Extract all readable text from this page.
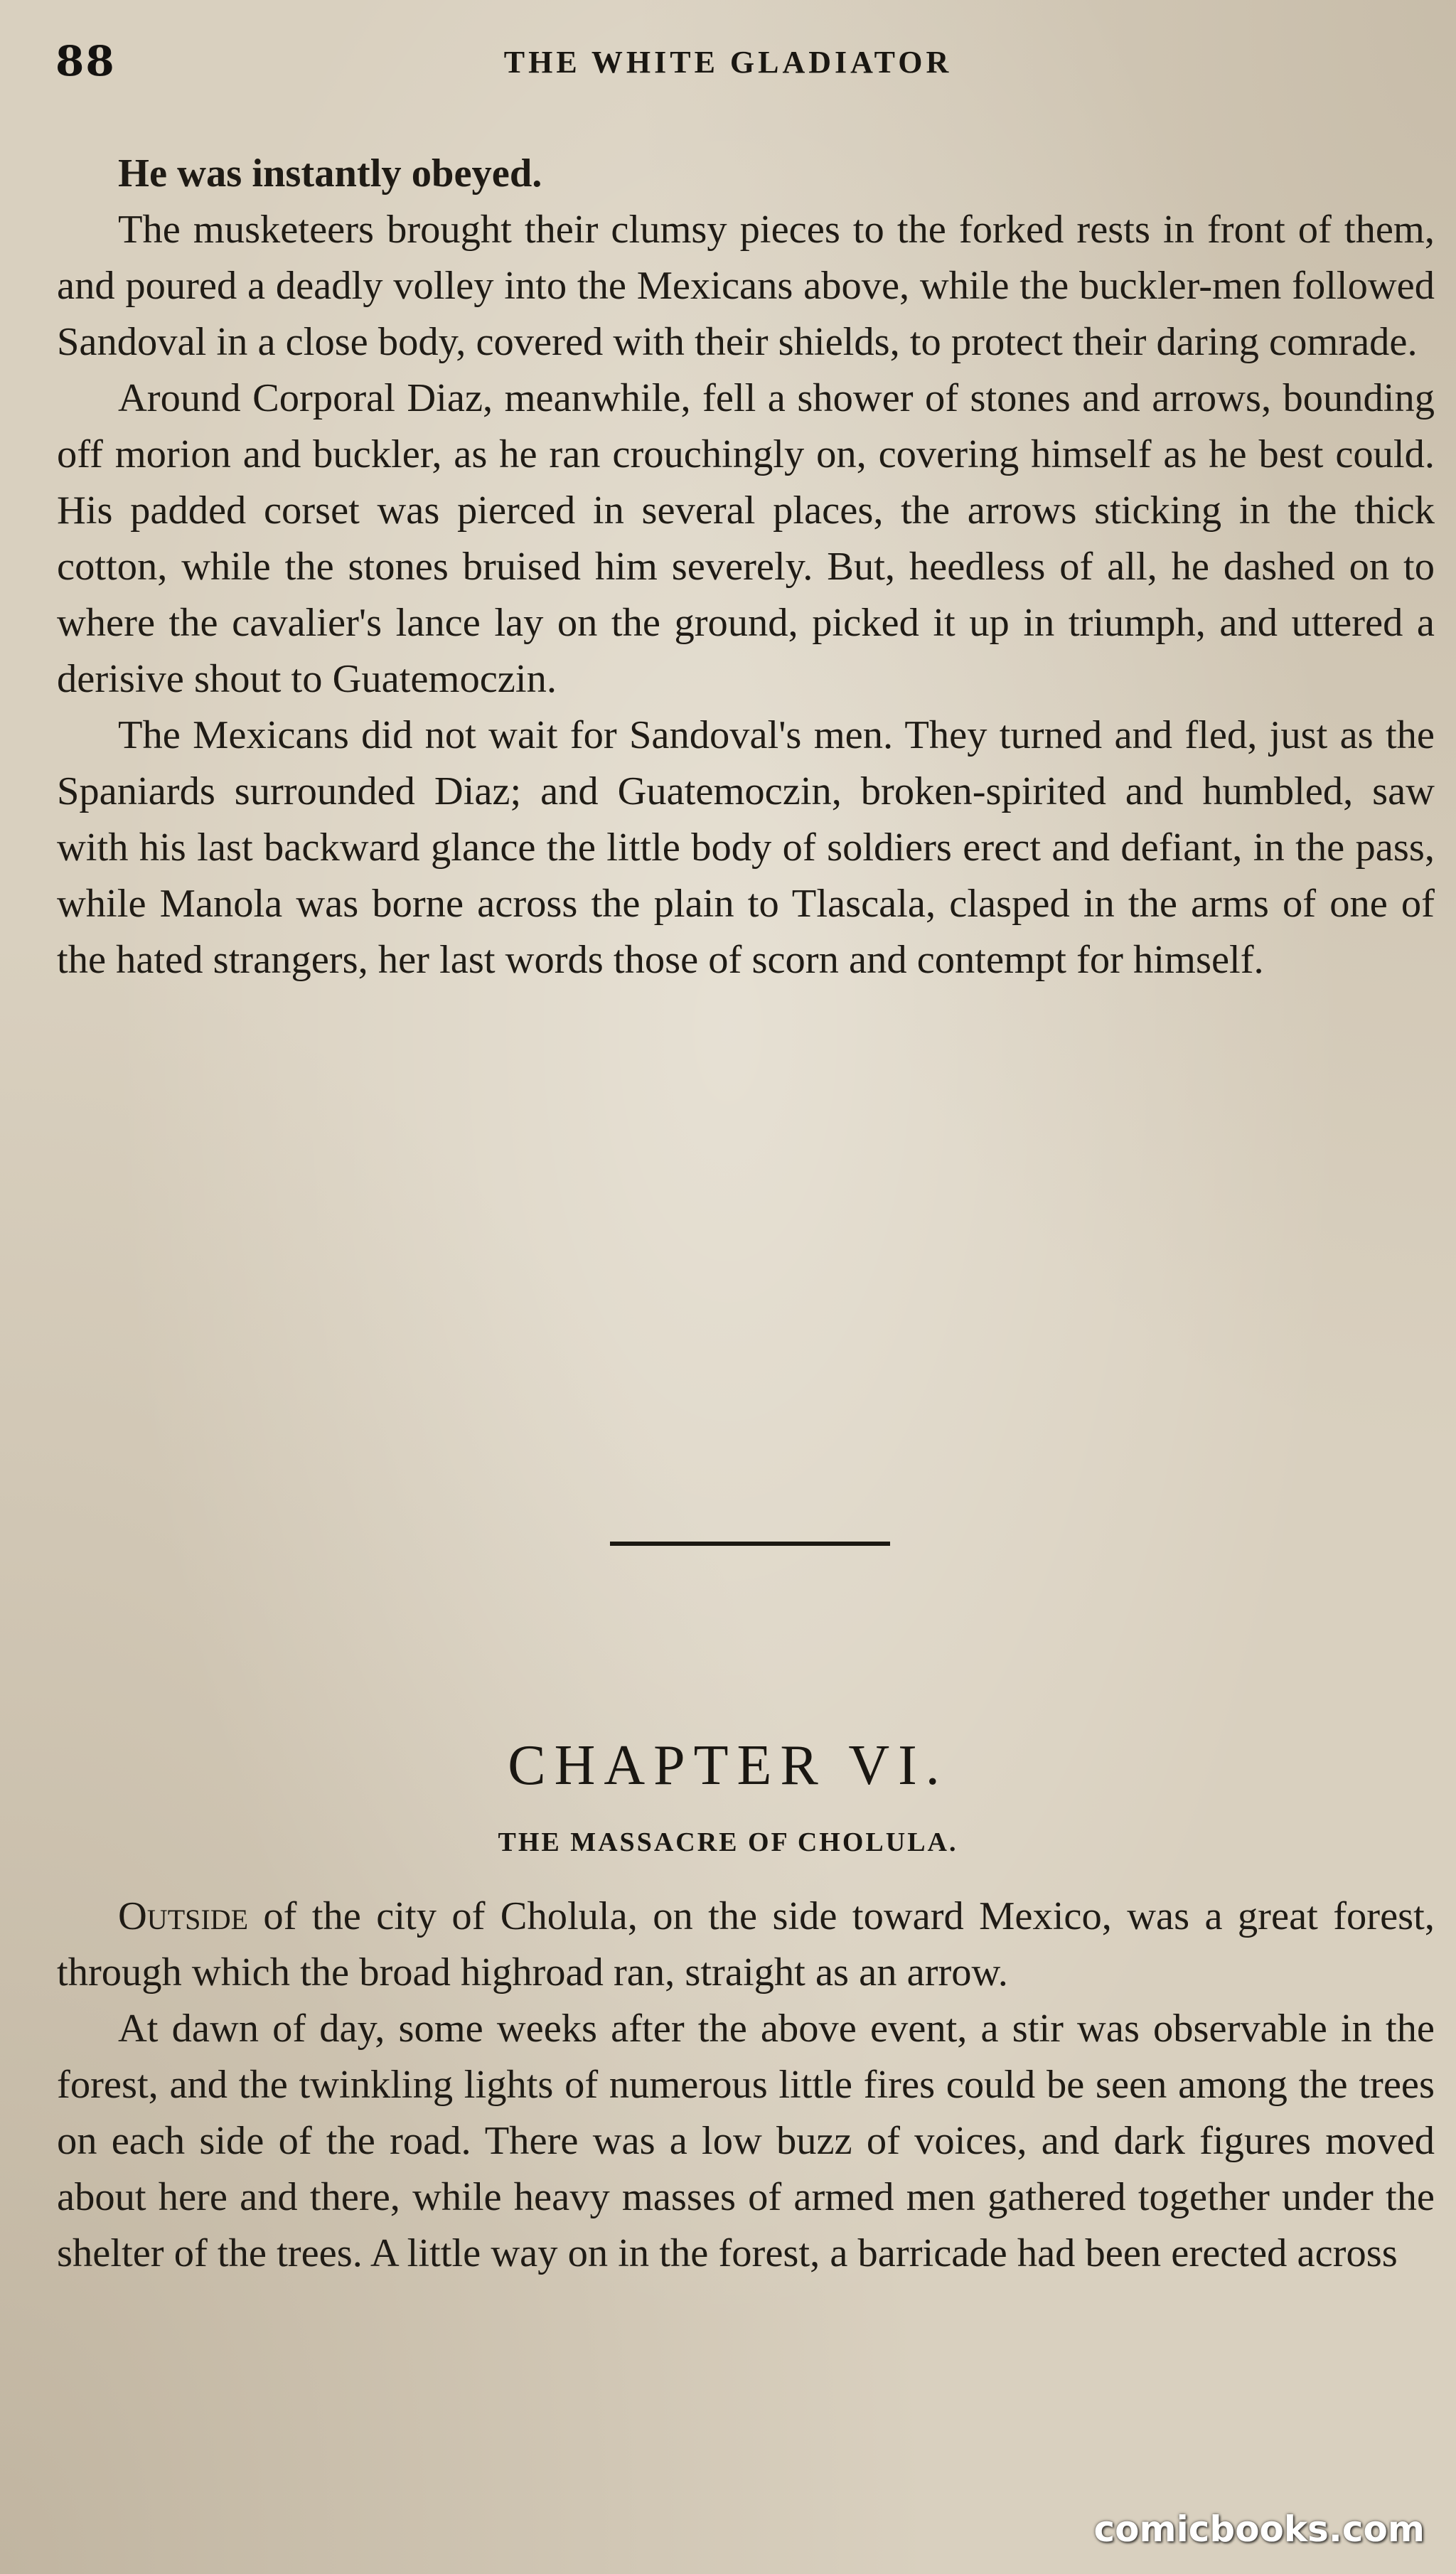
88	THE WHITE GLADIATOR

He was instantly obeyed.

The musketeers brought their clumsy pieces to the forked rests in front of them, and poured a deadly volley into the Mexicans above, while the buckler-men followed Sandoval in a close body, covered with their shields, to protect their daring comrade.

Around Corporal Diaz, meanwhile, fell a shower of stones and arrows, bounding off morion and buckler, as he ran crouchingly on, covering himself as he best could. His padded corset was pierced in several places, the arrows sticking in the thick cotton, while the stones bruised him severely. But, heedless of all, he dashed on to where the cavalier's lance lay on the ground, picked it up in triumph, and uttered a derisive shout to Guatemoczin.

The Mexicans did not wait for Sandoval's men. They turned and fled, just as the Spaniards surrounded Diaz; and Guatemoczin, broken-spirited and humbled, saw with his last backward glance the little body of soldiers erect and defiant, in the pass, while Manola was borne across the plain to Tlascala, clasped in the arms of one of the hated strangers, her last words those of scorn and contempt for himself.

CHAPTER VI.
THE MASSACRE OF CHOLULA.

Outside of the city of Cholula, on the side toward Mexico, was a great forest, through which the broad highroad ran, straight as an arrow.

At dawn of day, some weeks after the above event, a stir was observable in the forest, and the twinkling lights of numerous little fires could be seen among the trees on each side of the road. There was a low buzz of voices, and dark figures moved about here and there, while heavy masses of armed men gathered together under the shelter of the trees. A little way on in the forest, a barricade had been erected across

comicbooks.com
